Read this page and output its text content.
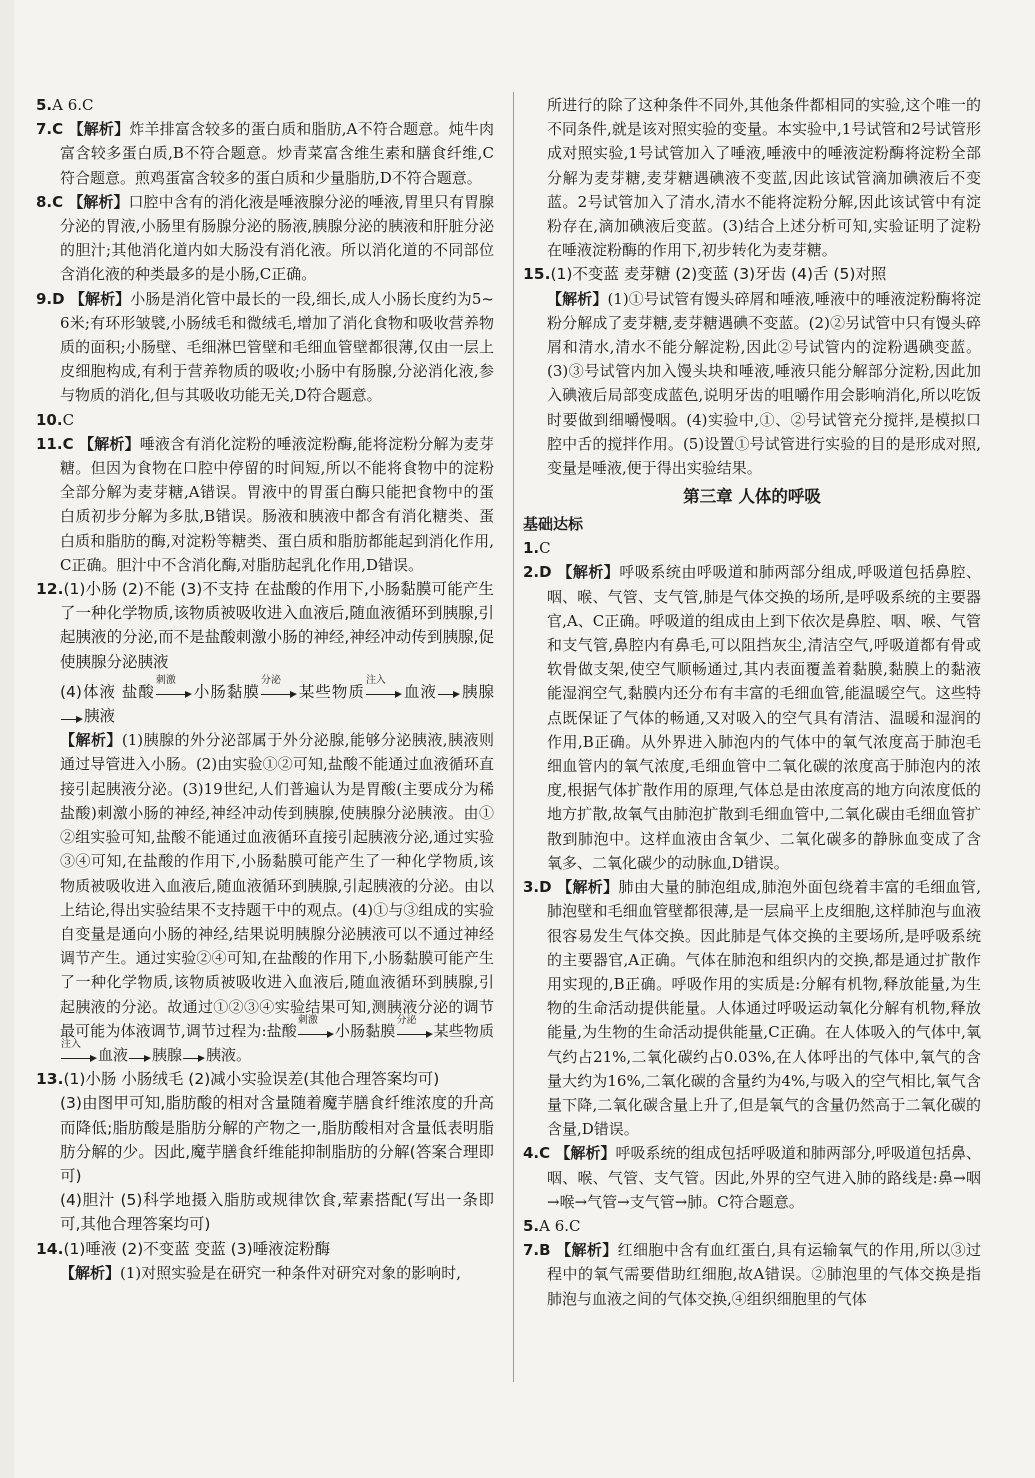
5.A 6.C

7.C 【解析】炸羊排富含较多的蛋白质和脂肪,A不符合题意。炖牛肉富含较多蛋白质,B不符合题意。炒青菜富含维生素和膳食纤维,C符合题意。煎鸡蛋富含较多的蛋白质和少量脂肪,D不符合题意。

8.C 【解析】口腔中含有的消化液是唾液腺分泌的唾液,胃里只有胃腺分泌的胃液,小肠里有肠腺分泌的肠液,胰腺分泌的胰液和肝脏分泌的胆汁;其他消化道内如大肠没有消化液。所以消化道的不同部位含消化液的种类最多的是小肠,C正确。

9.D 【解析】小肠是消化管中最长的一段,细长,成人小肠长度约为5~6米;有环形皱襞,小肠绒毛和微绒毛,增加了消化食物和吸收营养物质的面积;小肠壁、毛细淋巴管壁和毛细血管壁都很薄,仅由一层上皮细胞构成,有利于营养物质的吸收;小肠中有肠腺,分泌消化液,参与物质的消化,但与其吸收功能无关,D符合题意。

10.C

11.C 【解析】唾液含有消化淀粉的唾液淀粉酶,能将淀粉分解为麦芽糖。但因为食物在口腔中停留的时间短,所以不能将食物中的淀粉全部分解为麦芽糖,A错误。胃液中的胃蛋白酶只能把食物中的蛋白质初步分解为多肽,B错误。肠液和胰液中都含有消化糖类、蛋白质和脂肪的酶,对淀粉等糖类、蛋白质和脂肪都能起到消化作用,C正确。胆汁中不含消化酶,对脂肪起乳化作用,D错误。

12.(1)小肠 (2)不能 (3)不支持 在盐酸的作用下,小肠黏膜可能产生了一种化学物质,该物质被吸收进入血液后,随血液循环到胰腺,引起胰液的分泌,而不是盐酸刺激小肠的神经,神经冲动传到胰腺,促使胰腺分泌胰液

(4)体液 盐酸
刺激
小肠黏膜
分泌
某些物质
注入
血液 胰腺胰液

【解析】(1)胰腺的外分泌部属于外分泌腺,能够分泌胰液,胰液则通过导管进入小肠。(2)由实验①②可知,盐酸不能通过血液循环直接引起胰液分泌。(3)19世纪,人们普遍认为是胃酸(主要成分为稀盐酸)刺激小肠的神经,神经冲动传到胰腺,使胰腺分泌胰液。由①②组实验可知,盐酸不能通过血液循环直接引起胰液分泌,通过实验③④可知,在盐酸的作用下,小肠黏膜可能产生了一种化学物质,该物质被吸收进入血液后,随血液循环到胰腺,引起胰液的分泌。由以上结论,得出实验结果不支持题干中的观点。(4)①与③组成的实验自变量是通向小肠的神经,结果说明胰腺分泌胰液可以不通过神经调节产生。通过实验②④可知,在盐酸的作用下,小肠黏膜可能产生了一种化学物质,该物质被吸收进入血液后,随血液循环到胰腺,引起胰液的分泌。故通过①②③④实验结果可知,测胰液分泌的调节最可能为体液调节,调节过程为:盐酸
刺激
小肠黏膜
分泌
某些物质
注入
血液 胰腺 胰液。

13.(1)小肠 小肠绒毛 (2)减小实验误差(其他合理答案均可)

(3)由图甲可知,脂肪酸的相对含量随着魔芋膳食纤维浓度的升高而降低;脂肪酸是脂肪分解的产物之一,脂肪酸相对含量低表明脂肪分解的少。因此,魔芋膳食纤维能抑制脂肪的分解(答案合理即可)

(4)胆汁 (5)科学地摄入脂肪或规律饮食,荤素搭配(写出一条即可,其他合理答案均可)

14.(1)唾液 (2)不变蓝 变蓝 (3)唾液淀粉酶

【解析】(1)对照实验是在研究一种条件对研究对象的影响时,

所进行的除了这种条件不同外,其他条件都相同的实验,这个唯一的不同条件,就是该对照实验的变量。本实验中,1号试管和2号试管形成对照实验,1号试管加入了唾液,唾液中的唾液淀粉酶将淀粉全部分解为麦芽糖,麦芽糖遇碘液不变蓝,因此该试管滴加碘液后不变蓝。2号试管加入了清水,清水不能将淀粉分解,因此该试管中有淀粉存在,滴加碘液后变蓝。(3)结合上述分析可知,实验证明了淀粉在唾液淀粉酶的作用下,初步转化为麦芽糖。

15.(1)不变蓝 麦芽糖 (2)变蓝 (3)牙齿 (4)舌 (5)对照

【解析】(1)①号试管有馒头碎屑和唾液,唾液中的唾液淀粉酶将淀粉分解成了麦芽糖,麦芽糖遇碘不变蓝。(2)②另试管中只有馒头碎屑和清水,清水不能分解淀粉,因此②号试管内的淀粉遇碘变蓝。(3)③号试管内加入馒头块和唾液,唾液只能分解部分淀粉,因此加入碘液后局部变成蓝色,说明牙齿的咀嚼作用会影响消化,所以吃饭时要做到细嚼慢咽。(4)实验中,①、②号试管充分搅拌,是模拟口腔中舌的搅拌作用。(5)设置①号试管进行实验的目的是形成对照,变量是唾液,便于得出实验结果。

第三章 人体的呼吸
基础达标

1.C

2.D 【解析】呼吸系统由呼吸道和肺两部分组成,呼吸道包括鼻腔、咽、喉、气管、支气管,肺是气体交换的场所,是呼吸系统的主要器官,A、C正确。呼吸道的组成由上到下依次是鼻腔、咽、喉、气管和支气管,鼻腔内有鼻毛,可以阻挡灰尘,清洁空气,呼吸道都有骨或软骨做支架,使空气顺畅通过,其内表面覆盖着黏膜,黏膜上的黏液能湿润空气,黏膜内还分布有丰富的毛细血管,能温暖空气。这些特点既保证了气体的畅通,又对吸入的空气具有清洁、温暖和湿润的作用,B正确。从外界进入肺泡内的气体中的氧气浓度高于肺泡毛细血管内的氧气浓度,毛细血管中二氧化碳的浓度高于肺泡内的浓度,根据气体扩散作用的原理,气体总是由浓度高的地方向浓度低的地方扩散,故氧气由肺泡扩散到毛细血管中,二氧化碳由毛细血管扩散到肺泡中。这样血液由含氧少、二氧化碳多的静脉血变成了含氧多、二氧化碳少的动脉血,D错误。

3.D 【解析】肺由大量的肺泡组成,肺泡外面包绕着丰富的毛细血管,肺泡壁和毛细血管壁都很薄,是一层扁平上皮细胞,这样肺泡与血液很容易发生气体交换。因此肺是气体交换的主要场所,是呼吸系统的主要器官,A正确。气体在肺泡和组织内的交换,都是通过扩散作用实现的,B正确。呼吸作用的实质是:分解有机物,释放能量,为生物的生命活动提供能量。人体通过呼吸运动氧化分解有机物,释放能量,为生物的生命活动提供能量,C正确。在人体吸入的气体中,氧气约占21%,二氧化碳约占0.03%,在人体呼出的气体中,氧气的含量大约为16%,二氧化碳的含量约为4%,与吸入的空气相比,氧气含量下降,二氧化碳含量上升了,但是氧气的含量仍然高于二氧化碳的含量,D错误。

4.C 【解析】呼吸系统的组成包括呼吸道和肺两部分,呼吸道包括鼻、咽、喉、气管、支气管。因此,外界的空气进入肺的路线是:鼻→咽→喉→气管→支气管→肺。C符合题意。

5.A 6.C

7.B 【解析】红细胞中含有血红蛋白,具有运输氧气的作用,所以③过程中的氧气需要借助红细胞,故A错误。②肺泡里的气体交换是指肺泡与血液之间的气体交换,④组织细胞里的气体
